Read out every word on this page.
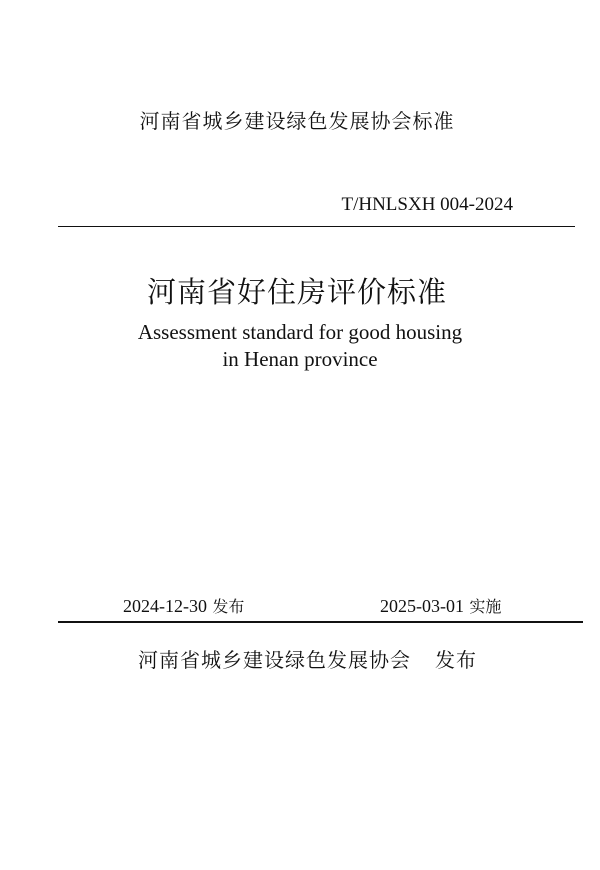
河南省城乡建设绿色发展协会标准
T/HNLSXH 004-2024
河南省好住房评价标准
Assessment standard for good housing
in Henan province
2024-12-30 发布	2025-03-01 实施
河南省城乡建设绿色发展协会 发布
